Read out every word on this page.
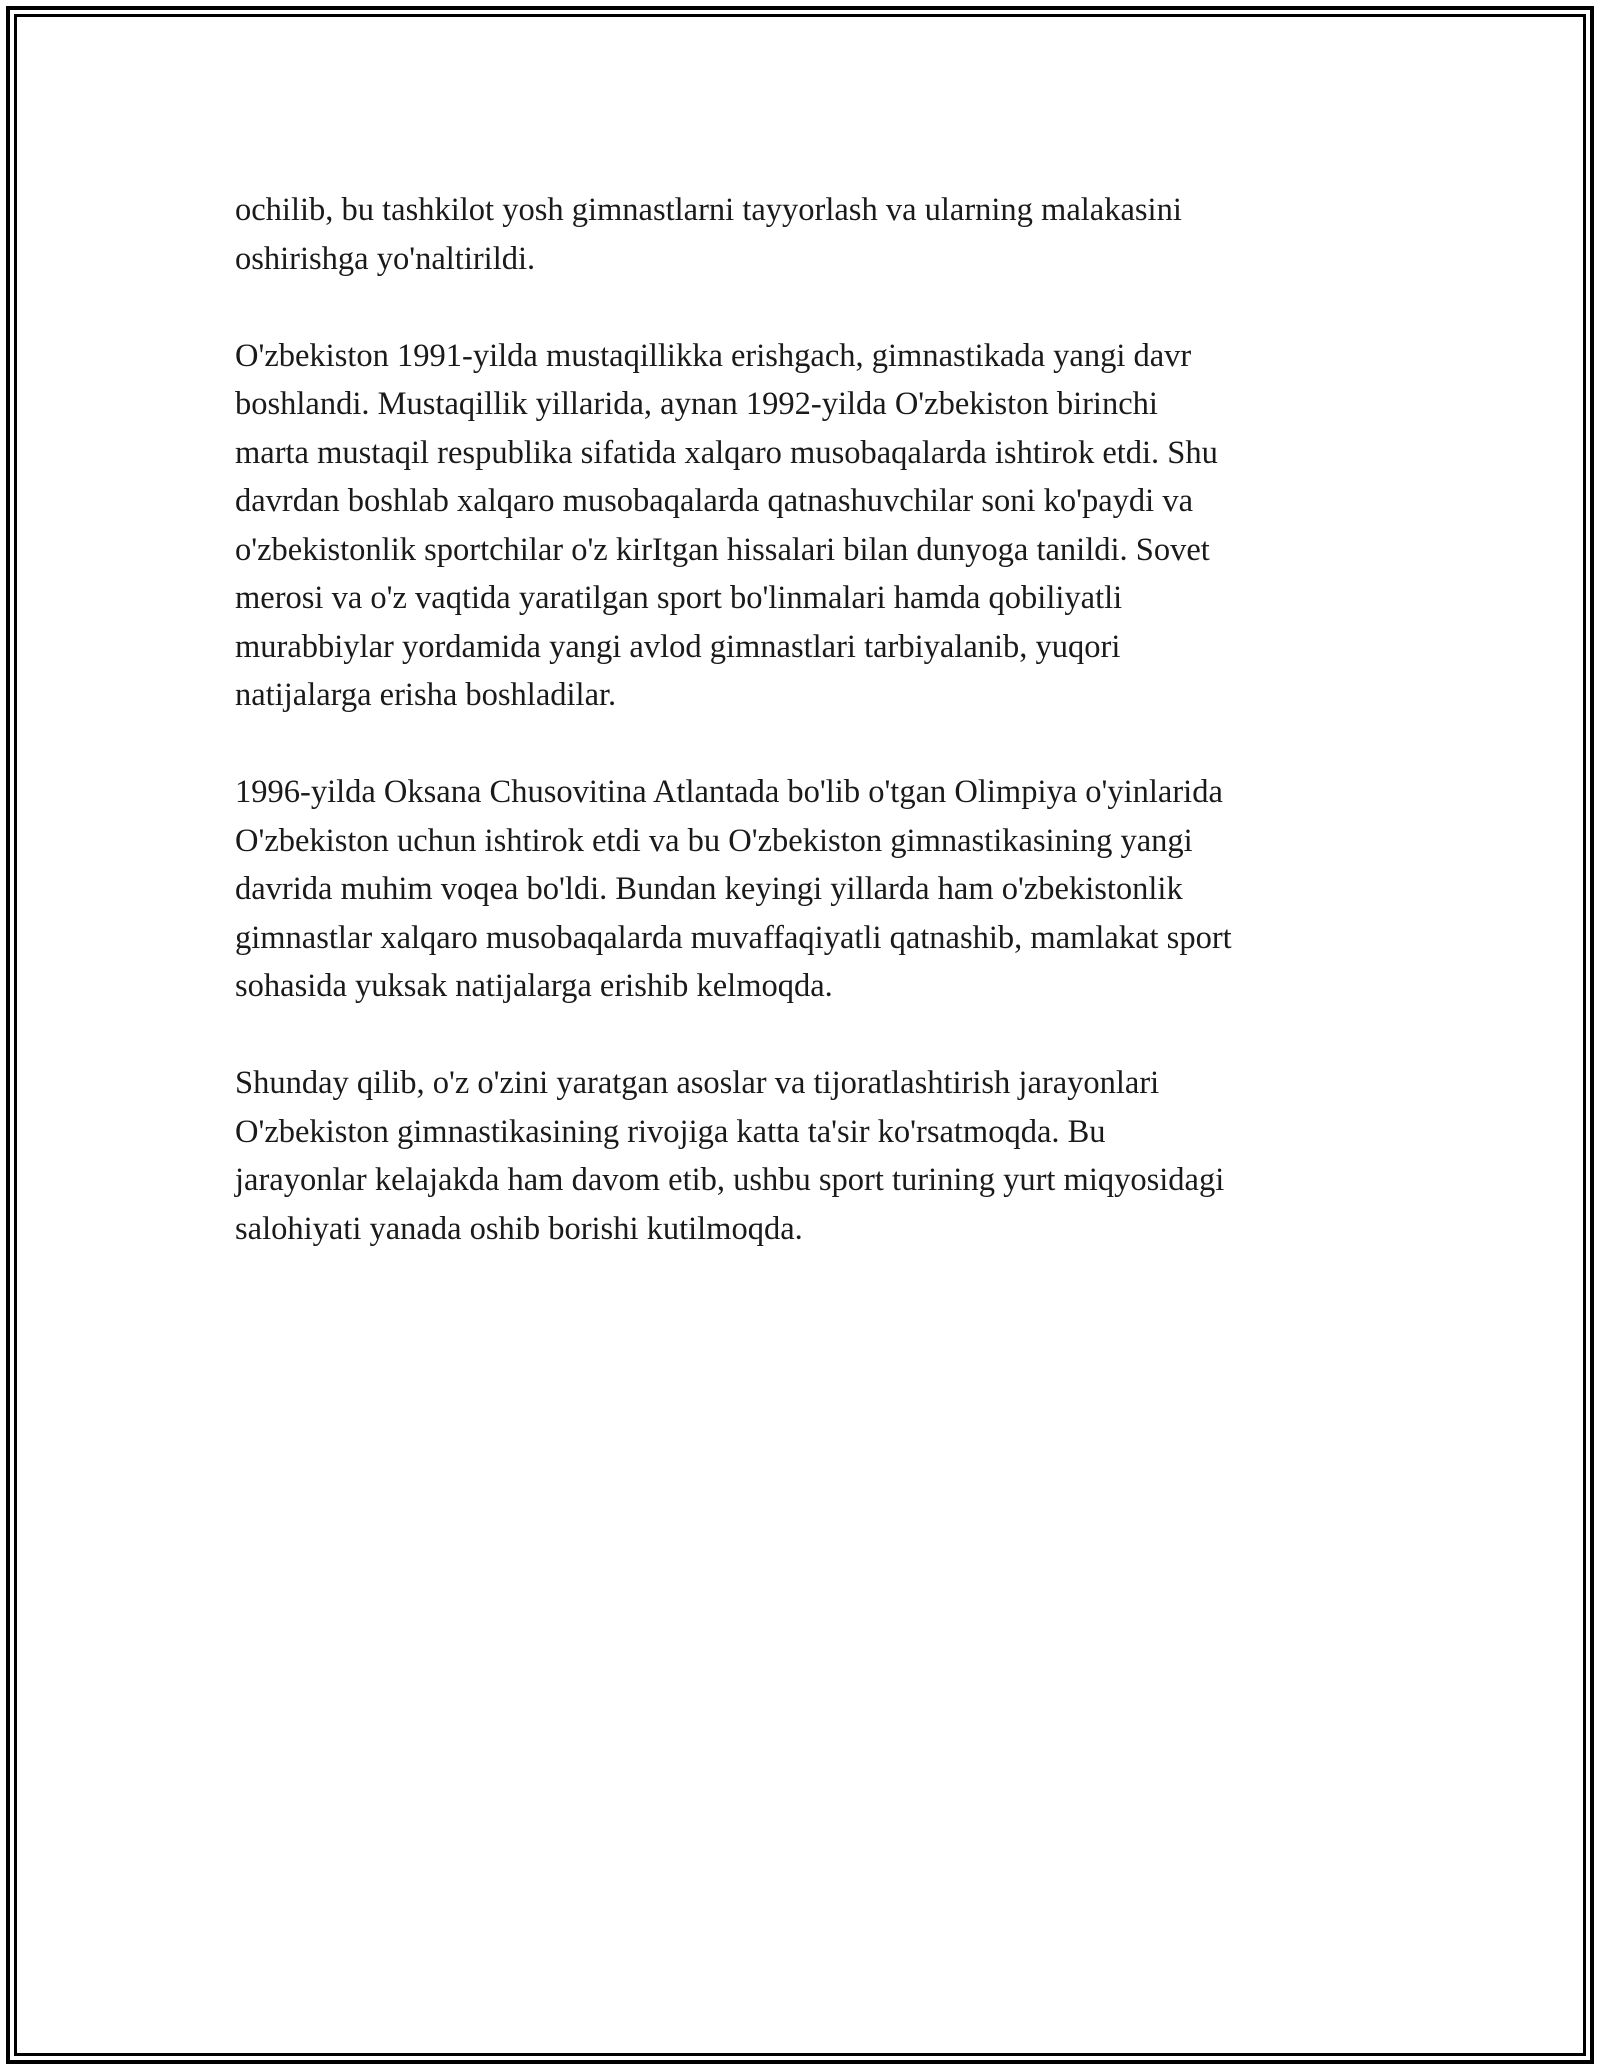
ochilib, bu tashkilot yosh gimnastlarni tayyorlash va ularning malakasini
oshirishga yo'naltirildi.

O'zbekiston 1991-yilda mustaqillikka erishgach, gimnastikada yangi davr
boshlandi. Mustaqillik yillarida, aynan 1992-yilda O'zbekiston birinchi
marta mustaqil respublika sifatida xalqaro musobaqalarda ishtirok etdi. Shu
davrdan boshlab xalqaro musobaqalarda qatnashuvchilar soni ko'paydi va
o'zbekistonlik sportchilar o'z kirItgan hissalari bilan dunyoga tanildi. Sovet
merosi va o'z vaqtida yaratilgan sport bo'linmalari hamda qobiliyatli
murabbiylar yordamida yangi avlod gimnastlari tarbiyalanib, yuqori
natijalarga erisha boshladilar.

1996-yilda Oksana Chusovitina Atlantada bo'lib o'tgan Olimpiya o'yinlarida
O'zbekiston uchun ishtirok etdi va bu O'zbekiston gimnastikasining yangi
davrida muhim voqea bo'ldi. Bundan keyingi yillarda ham o'zbekistonlik
gimnastlar xalqaro musobaqalarda muvaffaqiyatli qatnashib, mamlakat sport
sohasida yuksak natijalarga erishib kelmoqda.

Shunday qilib, o'z o'zini yaratgan asoslar va tijoratlashtirish jarayonlari
O'zbekiston gimnastikasining rivojiga katta ta'sir ko'rsatmoqda. Bu
jarayonlar kelajakda ham davom etib, ushbu sport turining yurt miqyosidagi
salohiyati yanada oshib borishi kutilmoqda.
